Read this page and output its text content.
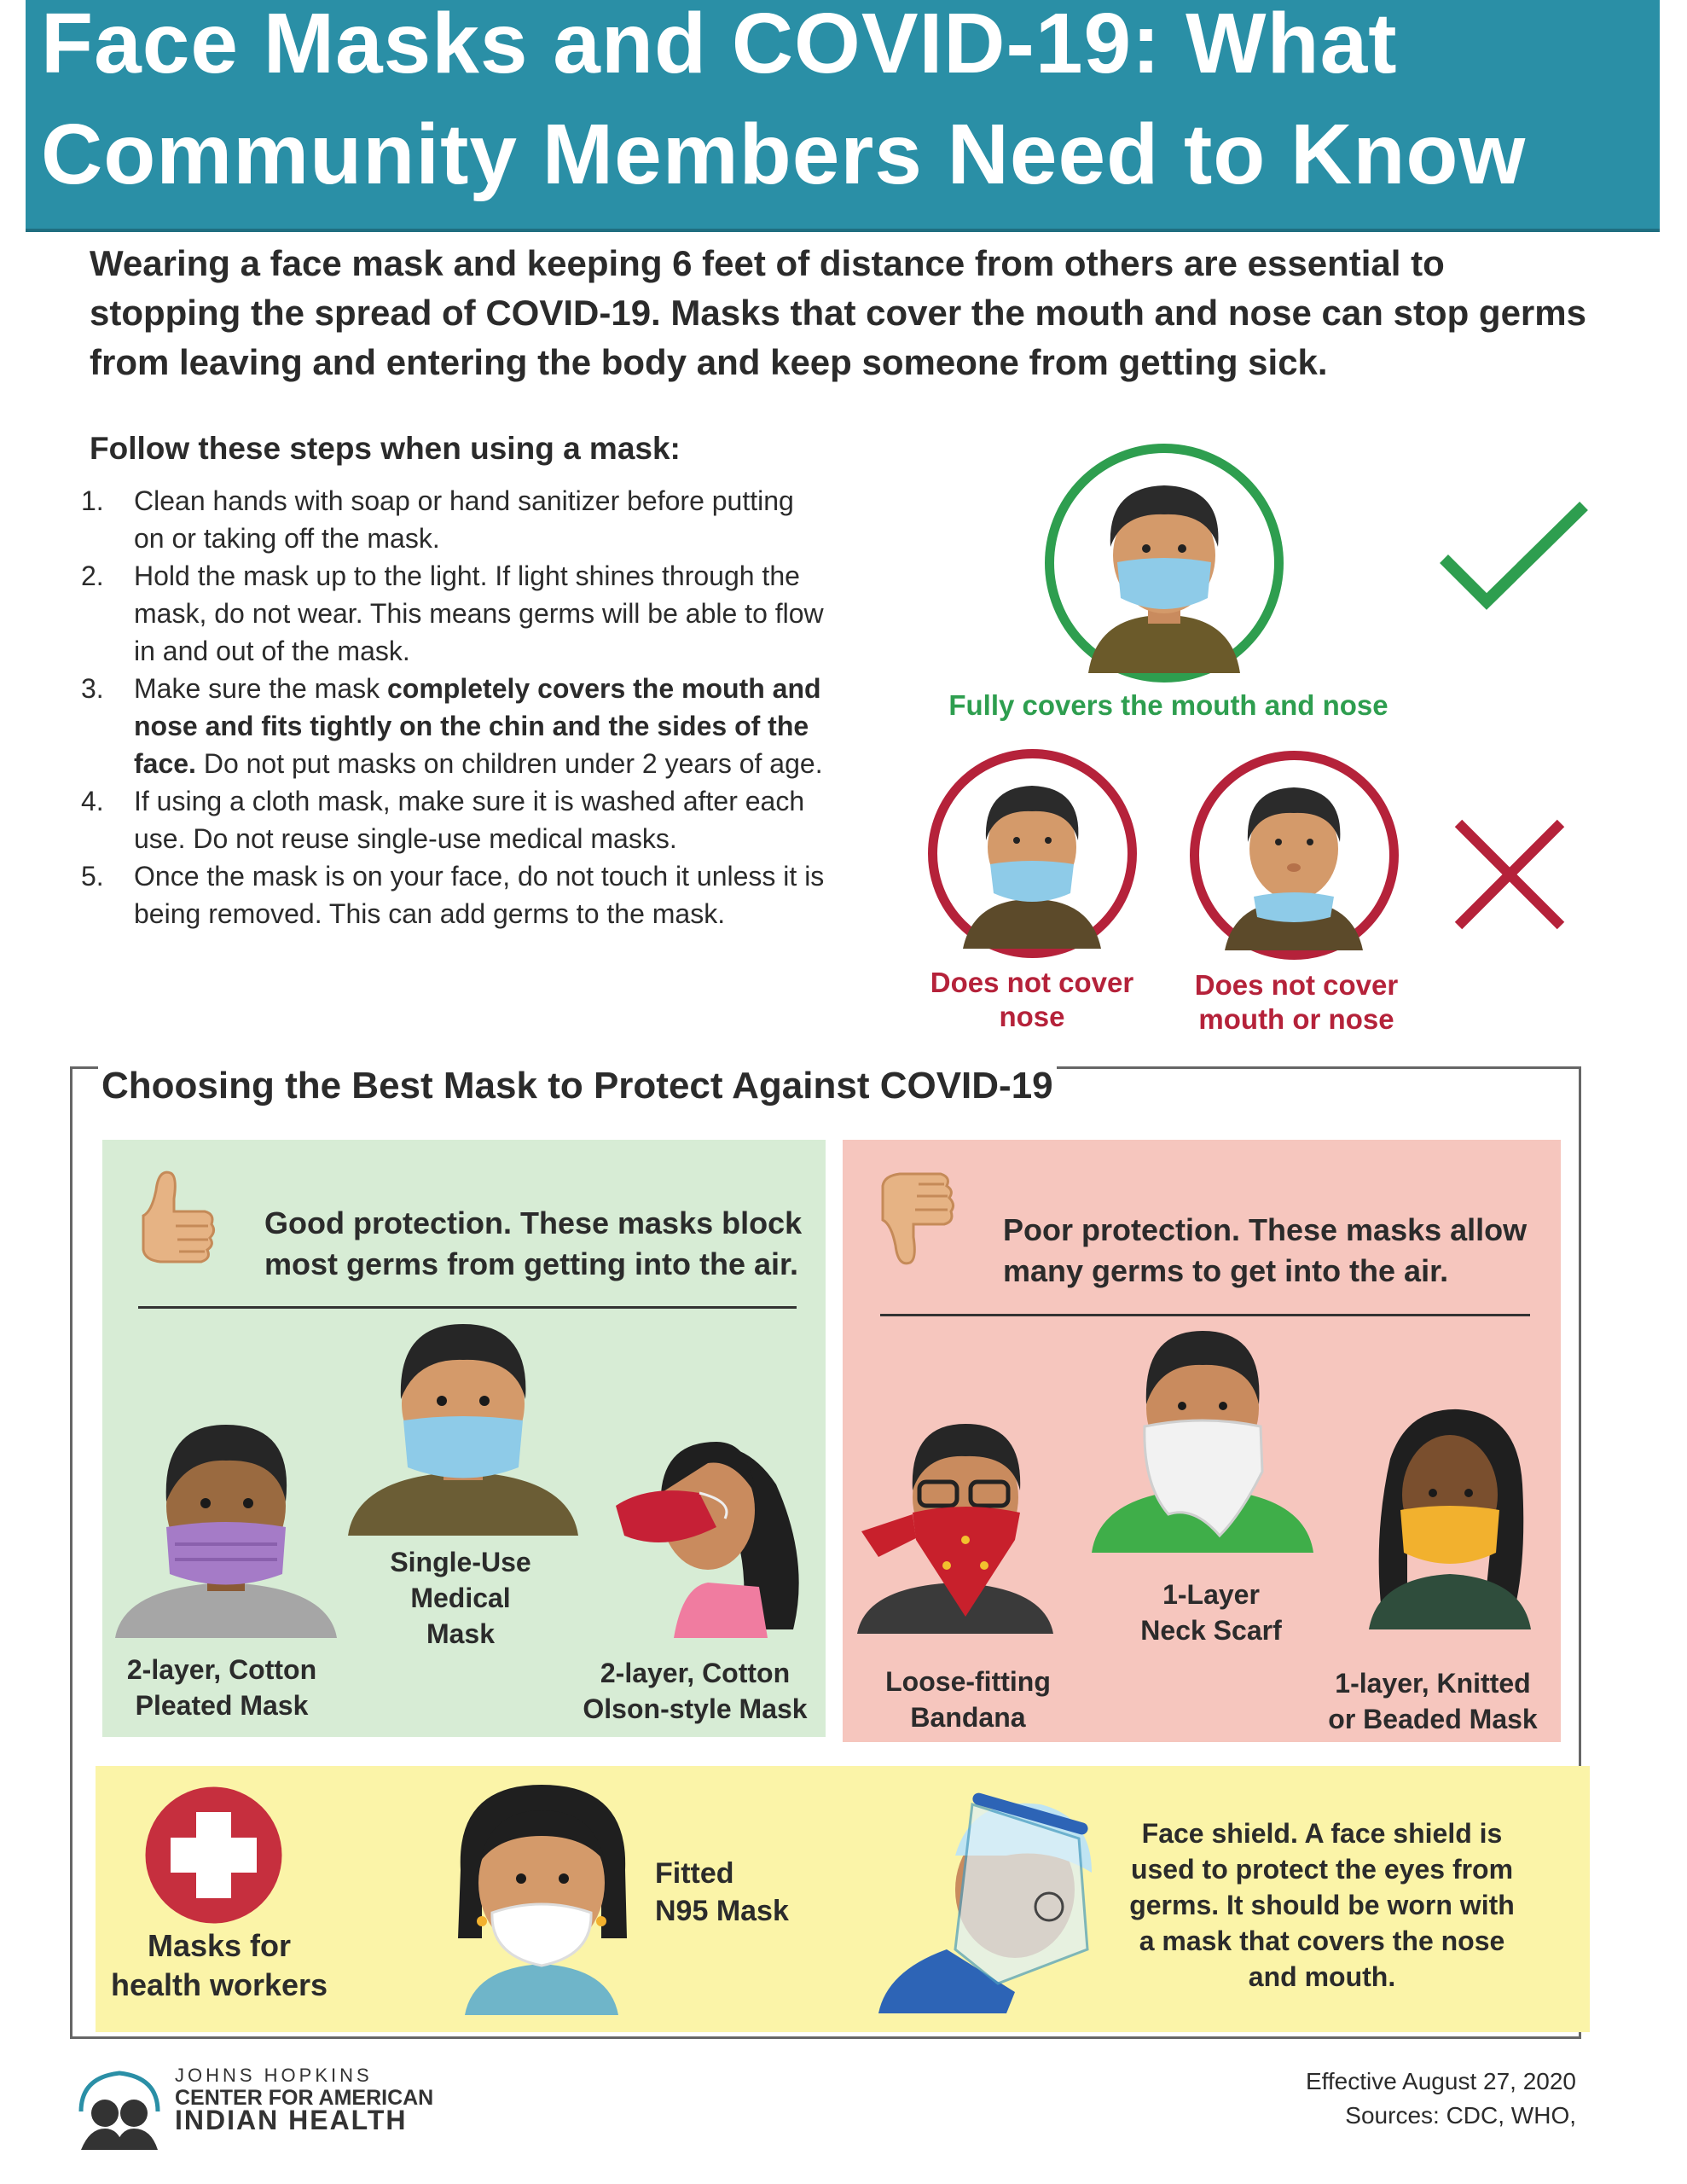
Face Masks and COVID-19: What
Community Members Need to Know

Wearing a face mask and keeping 6 feet of distance from others are essential to stopping the spread of COVID-19. Masks that cover the mouth and nose can stop germs from leaving and entering the body and keep someone from getting sick.

Follow these steps when using a mask:
1. Clean hands with soap or hand sanitizer before putting on or taking off the mask.
2. Hold the mask up to the light. If light shines through the mask, do not wear. This means germs will be able to flow in and out of the mask.
3. Make sure the mask completely covers the mouth and nose and fits tightly on the chin and the sides of the face. Do not put masks on children under 2 years of age.
4. If using a cloth mask, make sure it is washed after each use. Do not reuse single-use medical masks.
5. Once the mask is on your face, do not touch it unless it is being removed. This can add germs to the mask.
Fully covers the mouth and nose
Does not cover
nose
Does not cover
mouth or nose
Choosing the Best Mask to Protect Against COVID-19
Good protection. These masks block
most germs from getting into the air.
2-layer, Cotton
Pleated Mask
Single-Use
Medical
Mask
2-layer, Cotton
Olson-style Mask
Poor protection. These masks allow
many germs to get into the air.
Loose-fitting
Bandana
1-Layer
Neck Scarf
1-layer, Knitted
or Beaded Mask
Masks for
health workers
Fitted
N95 Mask
Face shield. A face shield is
used to protect the eyes from
germs. It should be worn with
a mask that covers the nose
and mouth.
JOHNS HOPKINS
CENTER FOR AMERICAN
INDIAN HEALTH
Effective August 27, 2020
Sources: CDC, WHO,
